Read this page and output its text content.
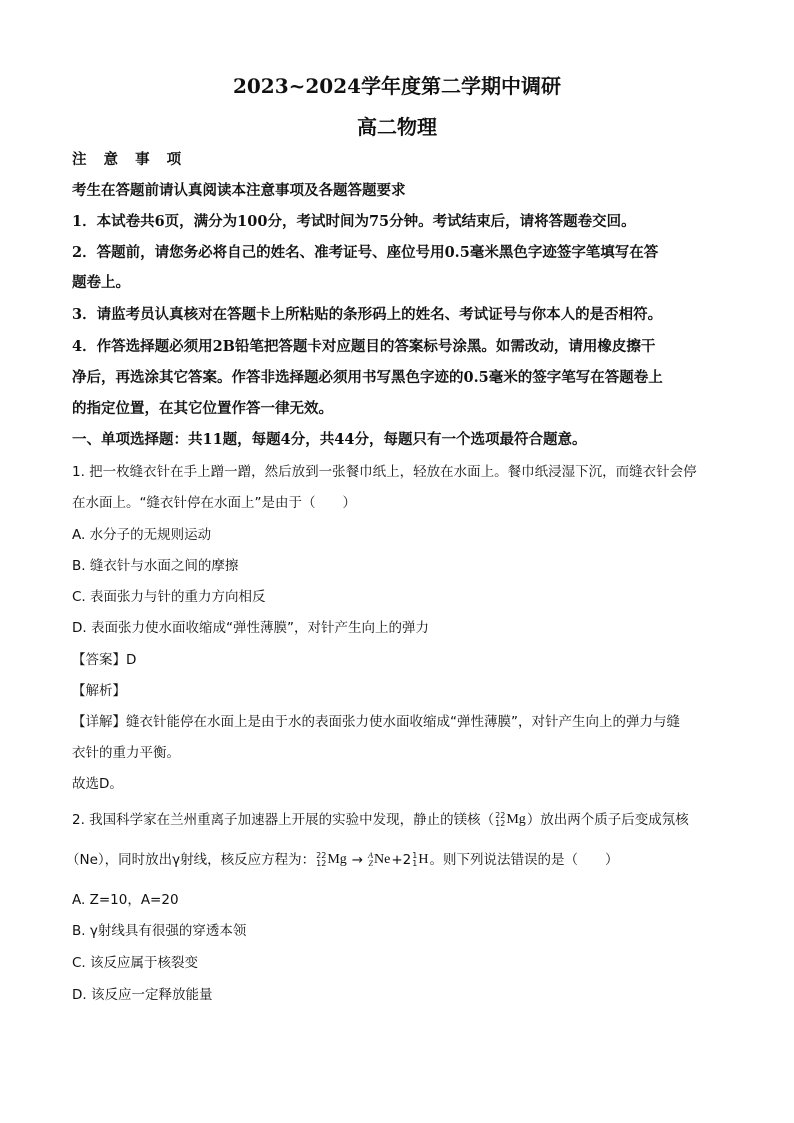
2023~2024学年度第二学期中调研
高二物理
注 意 事 项
考生在答题前请认真阅读本注意事项及各题答题要求
1．本试卷共6页，满分为100分，考试时间为75分钟。考试结束后，请将答题卷交回。
2．答题前，请您务必将自己的姓名、准考证号、座位号用0.5毫米黑色字迹签字笔填写在答
题卷上。
3．请监考员认真核对在答题卡上所粘贴的条形码上的姓名、考试证号与你本人的是否相符。
4．作答选择题必须用2B铅笔把答题卡对应题目的答案标号涂黑。如需改动，请用橡皮擦干
净后，再选涂其它答案。作答非选择题必须用书写黑色字迹的0.5毫米的签字笔写在答题卷上
的指定位置，在其它位置作答一律无效。
一、单项选择题：共11题，每题4分，共44分，每题只有一个选项最符合题意。
1. 把一枚缝衣针在手上蹭一蹭，然后放到一张餐巾纸上，轻放在水面上。餐巾纸浸湿下沉，而缝衣针会停
在水面上。“缝衣针停在水面上”是由于（　　）
A. 水分子的无规则运动
B. 缝衣针与水面之间的摩擦
C. 表面张力与针的重力方向相反
D. 表面张力使水面收缩成“弹性薄膜”，对针产生向上的弹力
【答案】D
【解析】
【详解】缝衣针能停在水面上是由于水的表面张力使水面收缩成“弹性薄膜”，对针产生向上的弹力与缝
衣针的重力平衡。
故选D。
2. 我国科学家在兰州重离子加速器上开展的实验中发现，静止的镁核（ 22
12 Mg ）放出两个质子后变成氖核
（Ne），同时放出γ射线，核反应方程为： 22
12 Mg → A
Z Ne +2 1
1 H 。则下列说法错误的是（　　）
A. Z=10，A=20
B. γ射线具有很强的穿透本领
C. 该反应属于核裂变
D. 该反应一定释放能量
